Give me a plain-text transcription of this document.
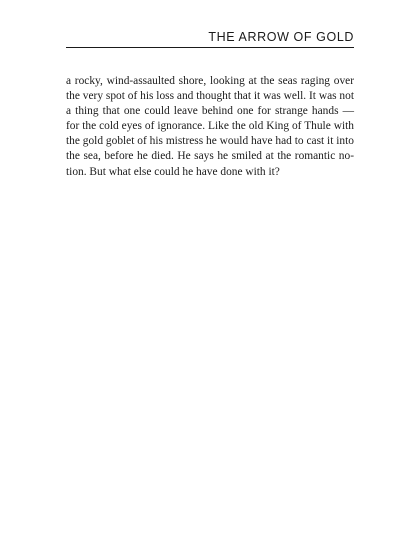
THE ARROW OF GOLD

a rocky, wind-assaulted shore, looking at the seas raging over
the very spot of his loss and thought that it was well. It was not
a thing that one could leave behind one for strange hands —
for the cold eyes of ignorance. Like the old King of Thule with
the gold goblet of his mistress he would have had to cast it into
the sea, before he died. He says he smiled at the romantic no-
tion. But what else could he have done with it?
